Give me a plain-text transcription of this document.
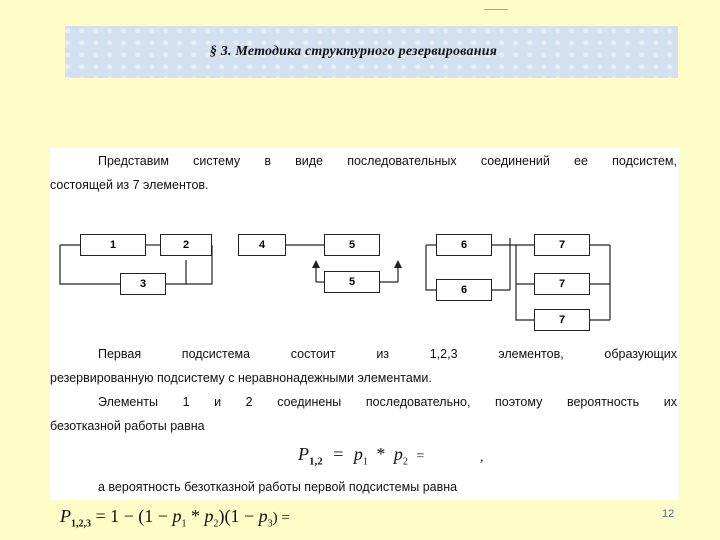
§ 3. Методика структурного резервирования
Представим систему в виде последовательных соединений ее подсистем,
состоящей из 7 элементов.
1	2
3
4	5
5
6
6
7
7
7
Первая	подсистема	состоит	из	1,2,3	элементов,	образующих
резервированную подсистему с неравнонадежными элементами.
Элементы 1 и 2 соединены последовательно, поэтому вероятность их
безотказной работы равна
$P_{1,2} = p_1 * p_2$ =	,
а вероятность безотказной работы первой подсистемы равна
$P_{1,2,3} = 1 - (1 - p_1 * p_2)(1 - p_3)$ =	12
